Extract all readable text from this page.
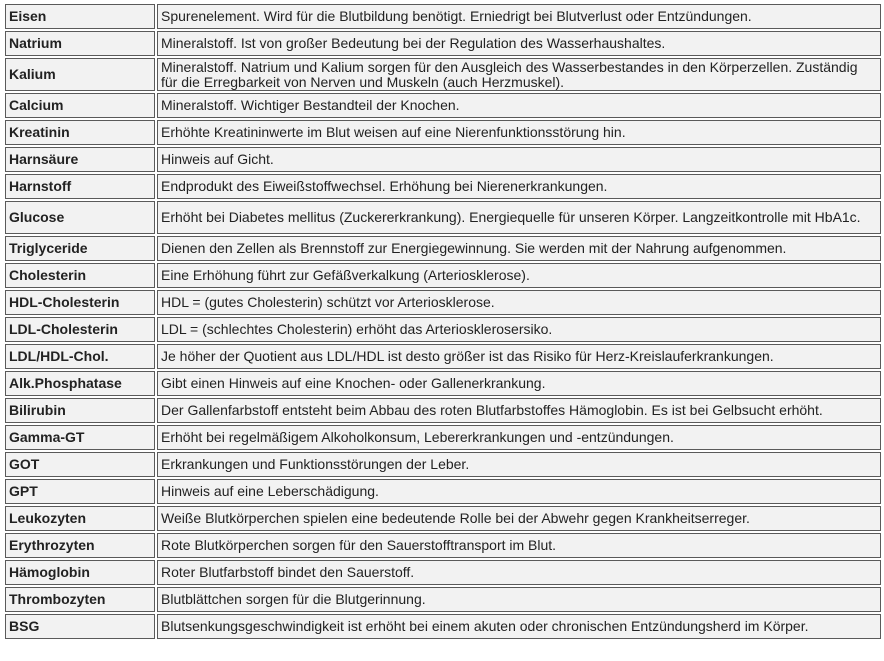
Eisen	Spurenelement. Wird für die Blutbildung benötigt. Erniedrigt bei Blutverlust oder Entzündungen.
Natrium	Mineralstoff. Ist von großer Bedeutung bei der Regulation des Wasserhaushaltes.
Kalium	Mineralstoff. Natrium und Kalium sorgen für den Ausgleich des Wasserbestandes in den Körperzellen. Zuständig für die Erregbarkeit von Nerven und Muskeln (auch Herzmuskel).
Calcium	Mineralstoff. Wichtiger Bestandteil der Knochen.
Kreatinin	Erhöhte Kreatininwerte im Blut weisen auf eine Nierenfunktionsstörung hin.
Harnsäure	Hinweis auf Gicht.
Harnstoff	Endprodukt des Eiweißstoffwechsel. Erhöhung bei Nierenerkrankungen.
Glucose	Erhöht bei Diabetes mellitus (Zuckererkrankung). Energiequelle für unseren Körper. Langzeitkontrolle mit HbA1c.
Triglyceride	Dienen den Zellen als Brennstoff zur Energiegewinnung. Sie werden mit der Nahrung aufgenommen.
Cholesterin	Eine Erhöhung führt zur Gefäßverkalkung (Arteriosklerose).
HDL-Cholesterin	HDL = (gutes Cholesterin) schützt vor Arteriosklerose.
LDL-Cholesterin	LDL = (schlechtes Cholesterin) erhöht das Arteriosklerosersiko.
LDL/HDL-Chol.	Je höher der Quotient aus LDL/HDL ist desto größer ist das Risiko für Herz-Kreislauferkrankungen.
Alk.Phosphatase	Gibt einen Hinweis auf eine Knochen- oder Gallenerkrankung.
Bilirubin	Der Gallenfarbstoff entsteht beim Abbau des roten Blutfarbstoffes Hämoglobin. Es ist bei Gelbsucht erhöht.
Gamma-GT	Erhöht bei regelmäßigem Alkoholkonsum, Lebererkrankungen und -entzündungen.
GOT	Erkrankungen und Funktionsstörungen der Leber.
GPT	Hinweis auf eine Leberschädigung.
Leukozyten	Weiße Blutkörperchen spielen eine bedeutende Rolle bei der Abwehr gegen Krankheitserreger.
Erythrozyten	Rote Blutkörperchen sorgen für den Sauerstofftransport im Blut.
Hämoglobin	Roter Blutfarbstoff bindet den Sauerstoff.
Thrombozyten	Blutblättchen sorgen für die Blutgerinnung.
BSG	Blutsenkungsgeschwindigkeit ist erhöht bei einem akuten oder chronischen Entzündungsherd im Körper.
